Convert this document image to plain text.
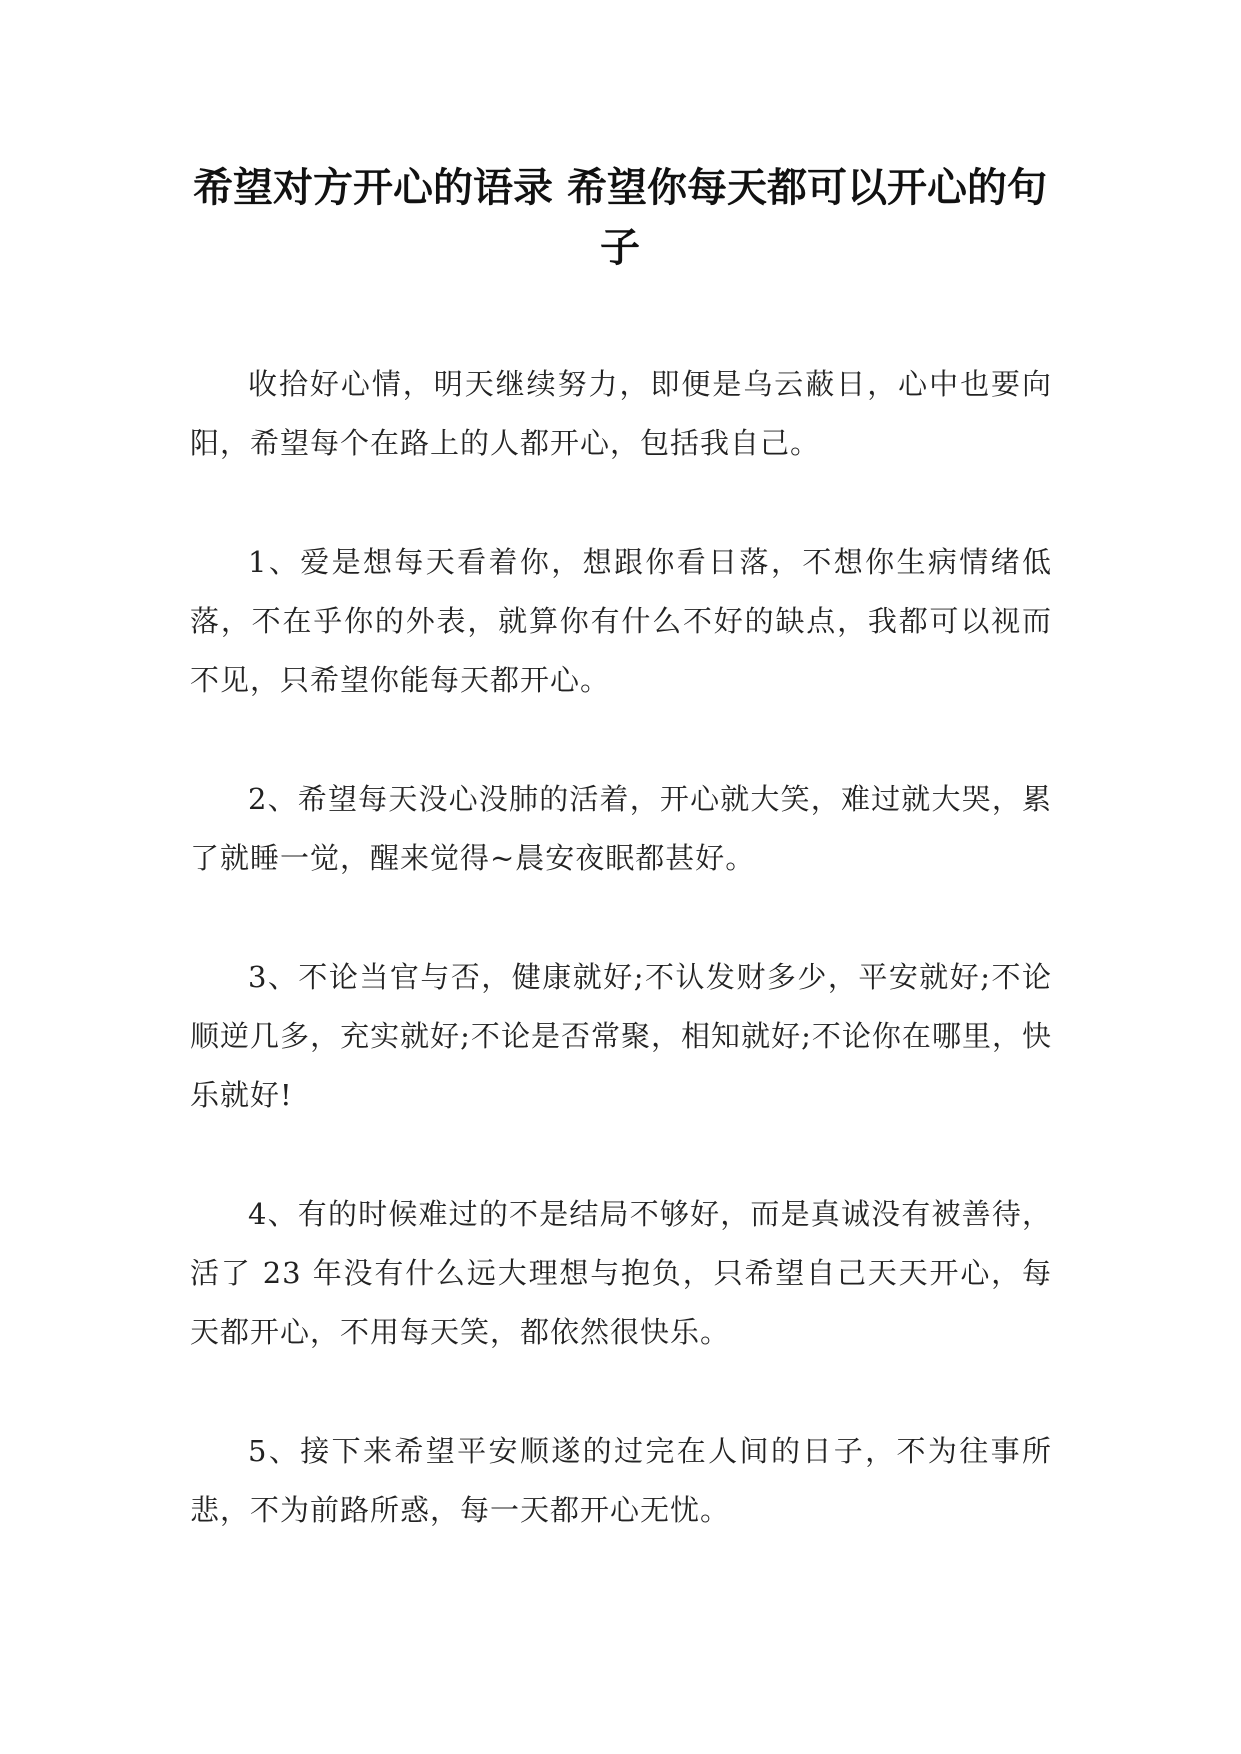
希望对方开心的语录 希望你每天都可以开心的句子

收拾好心情，明天继续努力，即便是乌云蔽日，心中也要向阳，希望每个在路上的人都开心，包括我自己。

1、爱是想每天看着你，想跟你看日落，不想你生病情绪低落，不在乎你的外表，就算你有什么不好的缺点，我都可以视而不见，只希望你能每天都开心。

2、希望每天没心没肺的活着，开心就大笑，难过就大哭，累了就睡一觉，醒来觉得~晨安夜眠都甚好。

3、不论当官与否，健康就好;不认发财多少，平安就好;不论顺逆几多，充实就好;不论是否常聚，相知就好;不论你在哪里，快乐就好!

4、有的时候难过的不是结局不够好，而是真诚没有被善待，活了 23 年没有什么远大理想与抱负，只希望自己天天开心，每天都开心，不用每天笑，都依然很快乐。

5、接下来希望平安顺遂的过完在人间的日子，不为往事所悲，不为前路所惑，每一天都开心无忧。
